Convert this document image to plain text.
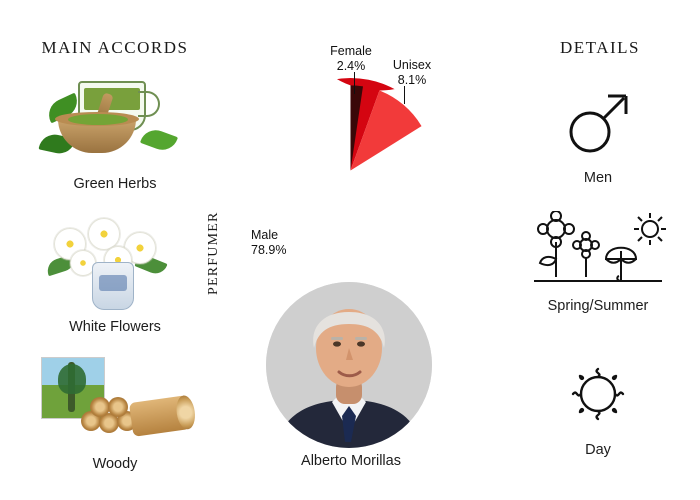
MAIN ACCORDS	DETAILS
Green Herbs
White Flowers
Woody
Female
2.4%	Unisex
8.1%
Male
78.9%
PERFUMER
Alberto Morillas
Men
Spring/Summer
Day
